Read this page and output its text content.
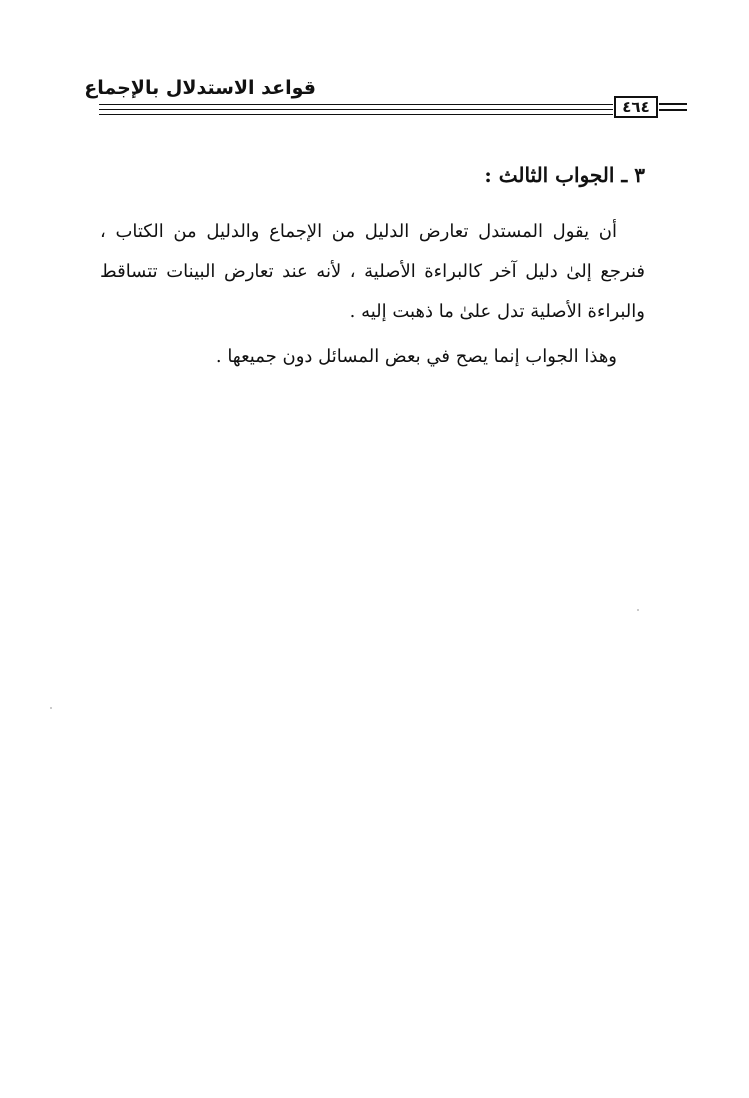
قواعد الاستدلال بالإجماع
٤٦٤
٣ ـ الجواب الثالث :
أن يقول المستدل تعارض الدليل من الإجماع والدليل من الكتاب ،
فنرجع إلىٰ دليل آخر كالبراءة الأصلية ، لأنه عند تعارض البينات تتساقط
والبراءة الأصلية تدل علىٰ ما ذهبت إليه .
وهذا الجواب إنما يصح في بعض المسائل دون جميعها .
